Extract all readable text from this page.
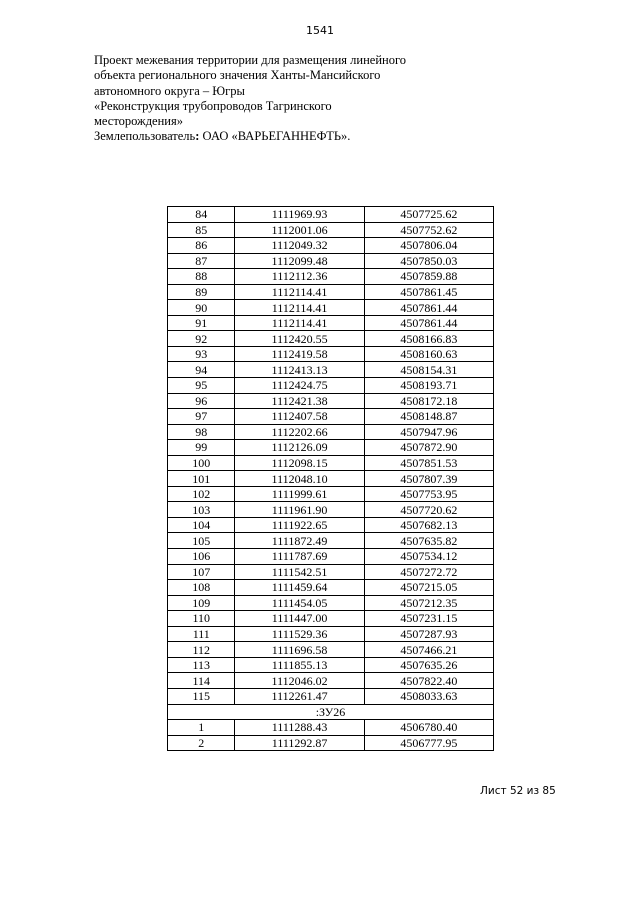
1541
Проект межевания территории для размещения линейного
объекта регионального значения Ханты-Мансийского
автономного округа – Югры
«Реконструкция трубопроводов Тагринского
месторождения»
Землепользователь: ОАО «ВАРЬЕГАННЕФТЬ».
84	1111969.93	4507725.62
85	1112001.06	4507752.62
86	1112049.32	4507806.04
87	1112099.48	4507850.03
88	1112112.36	4507859.88
89	1112114.41	4507861.45
90	1112114.41	4507861.44
91	1112114.41	4507861.44
92	1112420.55	4508166.83
93	1112419.58	4508160.63
94	1112413.13	4508154.31
95	1112424.75	4508193.71
96	1112421.38	4508172.18
97	1112407.58	4508148.87
98	1112202.66	4507947.96
99	1112126.09	4507872.90
100	1112098.15	4507851.53
101	1112048.10	4507807.39
102	1111999.61	4507753.95
103	1111961.90	4507720.62
104	1111922.65	4507682.13
105	1111872.49	4507635.82
106	1111787.69	4507534.12
107	1111542.51	4507272.72
108	1111459.64	4507215.05
109	1111454.05	4507212.35
110	1111447.00	4507231.15
111	1111529.36	4507287.93
112	1111696.58	4507466.21
113	1111855.13	4507635.26
114	1112046.02	4507822.40
115	1112261.47	4508033.63
:ЗУ26		
1	1111288.43	4506780.40
2	1111292.87	4506777.95
Лист 52 из 85
